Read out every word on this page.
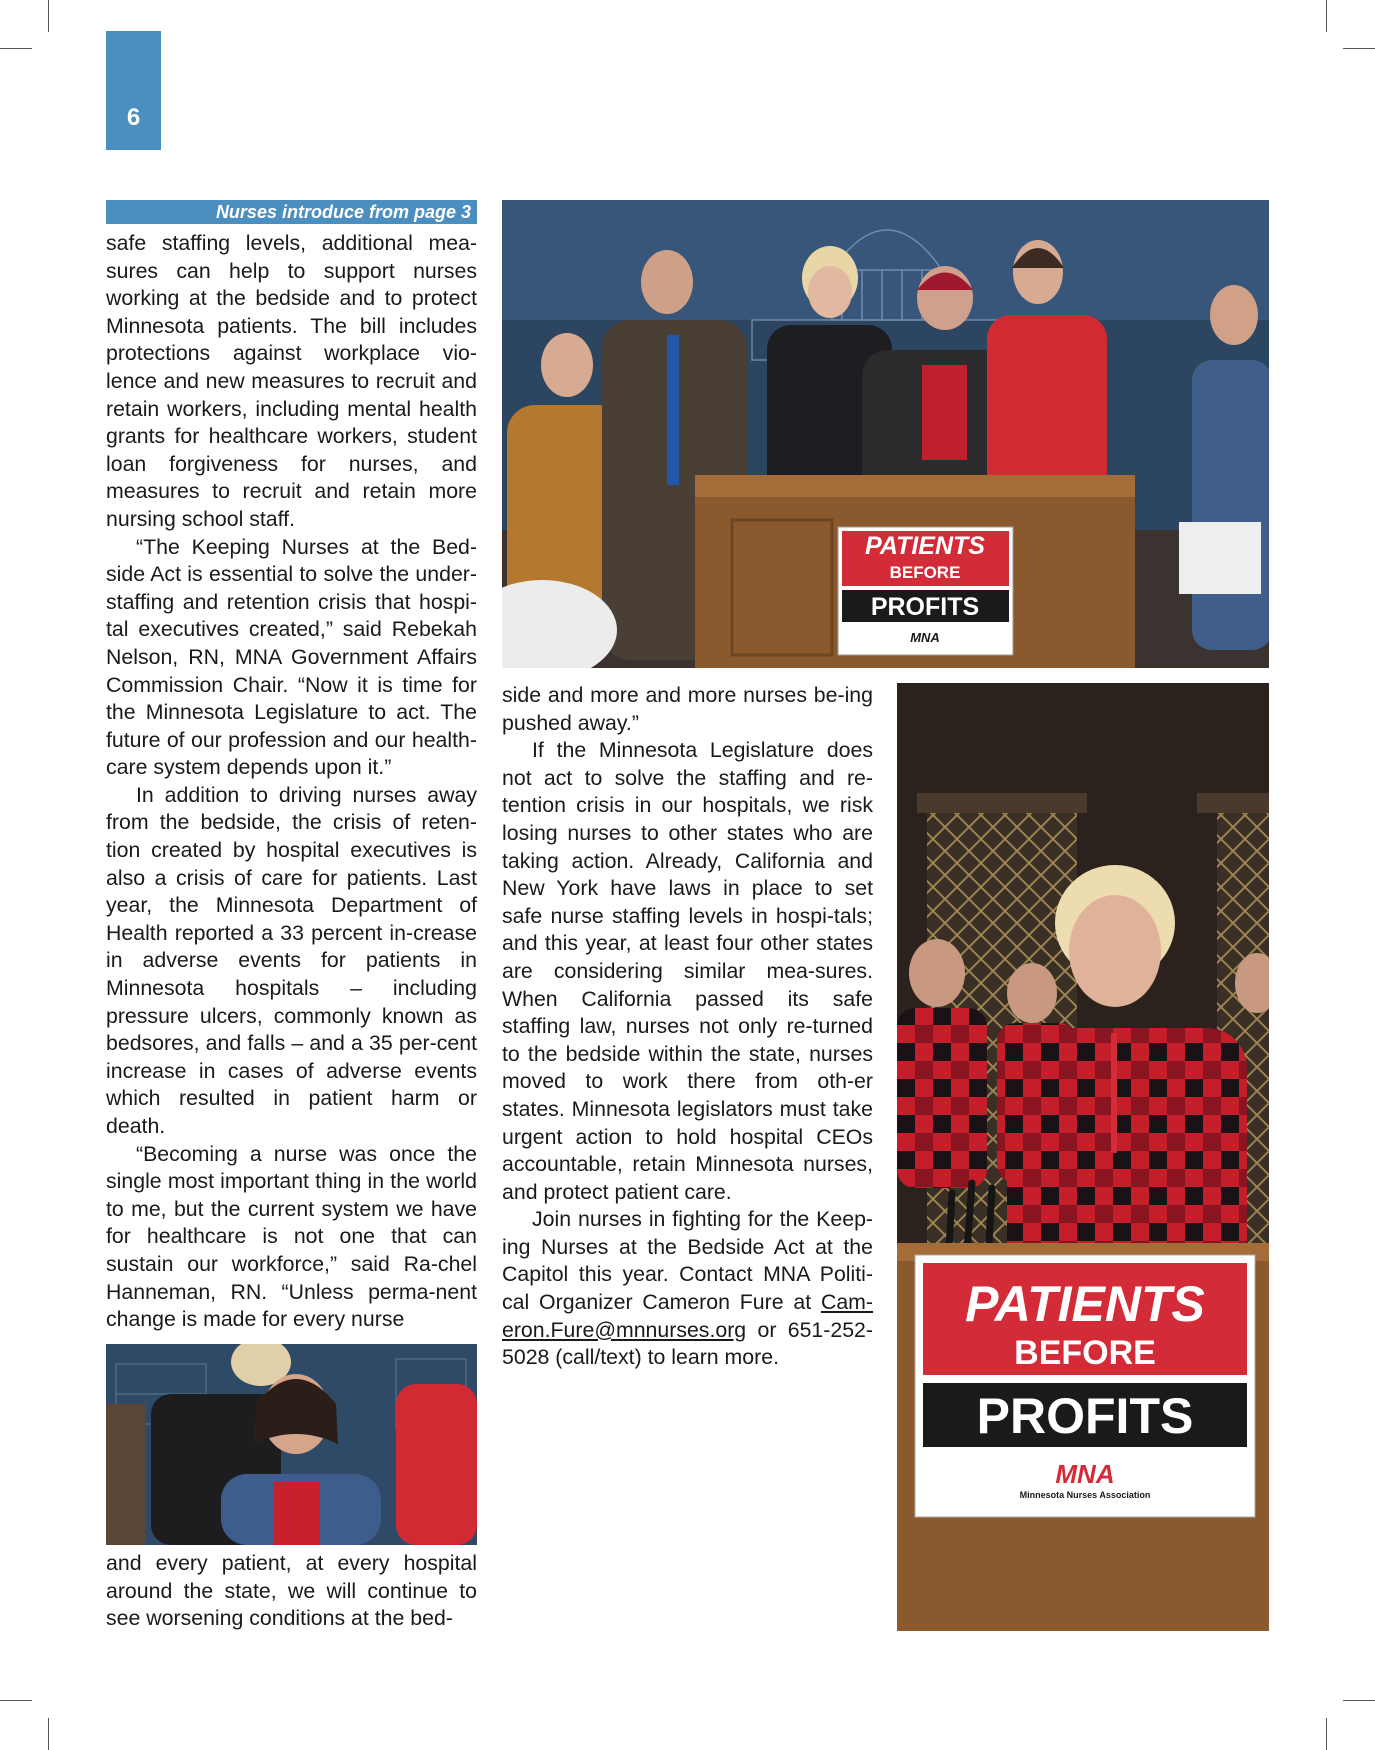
6
Nurses introduce from page 3

safe staffing levels, additional mea-sures can help to support nurses working at the bedside and to protect Minnesota patients. The bill includes protections against workplace vio-lence and new measures to recruit and retain workers, including mental health grants for healthcare workers, student loan forgiveness for nurses, and measures to recruit and retain more nursing school staff.

“The Keeping Nurses at the Bed-side Act is essential to solve the under-staffing and retention crisis that hospi-tal executives created,” said Rebekah Nelson, RN, MNA Government Affairs Commission Chair. “Now it is time for the Minnesota Legislature to act. The future of our profession and our health-care system depends upon it.”

In addition to driving nurses away from the bedside, the crisis of reten-tion created by hospital executives is also a crisis of care for patients. Last year, the Minnesota Department of Health reported a 33 percent in-crease in adverse events for patients in Minnesota hospitals – including pressure ulcers, commonly known as bedsores, and falls – and a 35 per-cent increase in cases of adverse events which resulted in patient harm or death.

“Becoming a nurse was once the single most important thing in the world to me, but the current system we have for healthcare is not one that can sustain our workforce,” said Ra-chel Hanneman, RN. “Unless perma-nent change is made for every nurse

and every patient, at every hospital around the state, we will continue to see worsening conditions at the bed-

side and more and more nurses be-ing pushed away.”

If the Minnesota Legislature does not act to solve the staffing and re-tention crisis in our hospitals, we risk losing nurses to other states who are taking action. Already, California and New York have laws in place to set safe nurse staffing levels in hospi-tals; and this year, at least four other states are considering similar mea-sures. When California passed its safe staffing law, nurses not only re-turned to the bedside within the state, nurses moved to work there from oth-er states. Minnesota legislators must take urgent action to hold hospital CEOs accountable, retain Minnesota nurses, and protect patient care.

Join nurses in fighting for the Keep-ing Nurses at the Bedside Act at the Capitol this year. Contact MNA Politi-cal Organizer Cameron Fure at Cam-eron.Fure@mnnurses.org or 651-252-5028 (call/text) to learn more.

PATIENTS
BEFORE
PROFITS
MNA
PATIENTS
BEFORE
PROFITS
MNA
Minnesota Nurses Association
